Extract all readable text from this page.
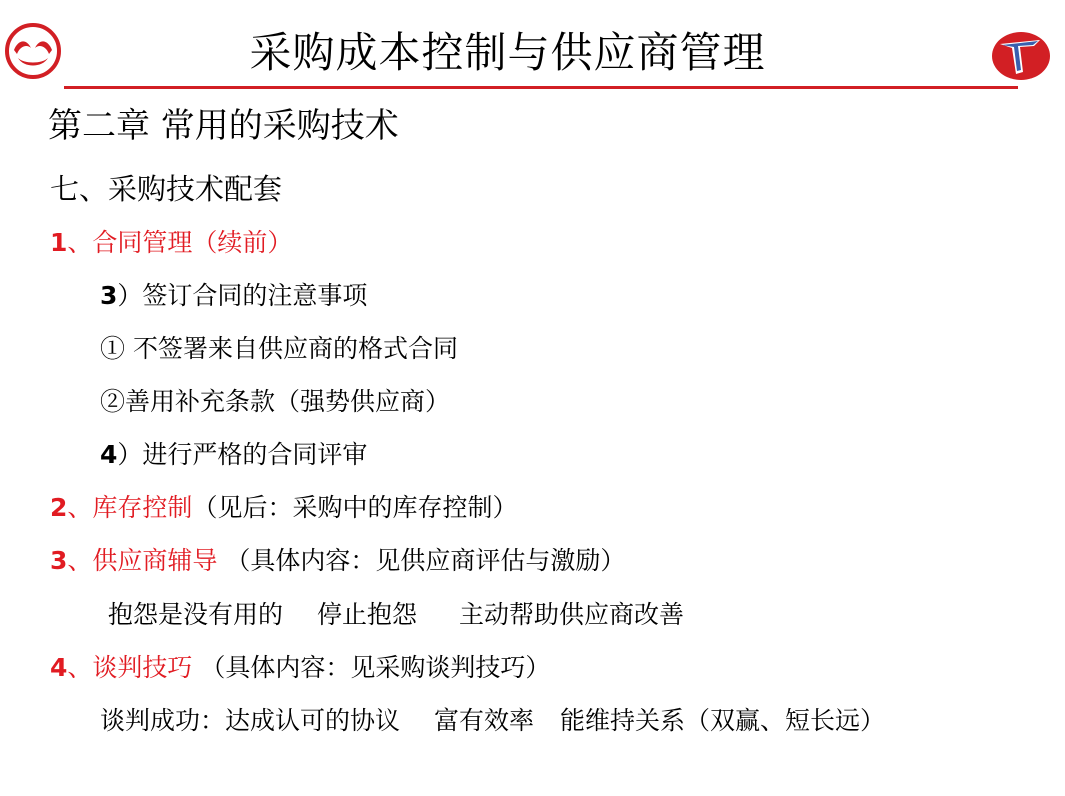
采购成本控制与供应商管理
第二章 常用的采购技术
七、采购技术配套
1、合同管理（续前）
3）签订合同的注意事项
① 不签署来自供应商的格式合同
②善用补充条款（强势供应商）
4）进行严格的合同评审
2、库存控制（见后：采购中的库存控制）
3、供应商辅导 （具体内容：见供应商评估与激励）
抱怨是没有用的 停止抱怨 主动帮助供应商改善
4、谈判技巧 （具体内容：见采购谈判技巧）
谈判成功：达成认可的协议 富有效率 能维持关系（双赢、短长远）
